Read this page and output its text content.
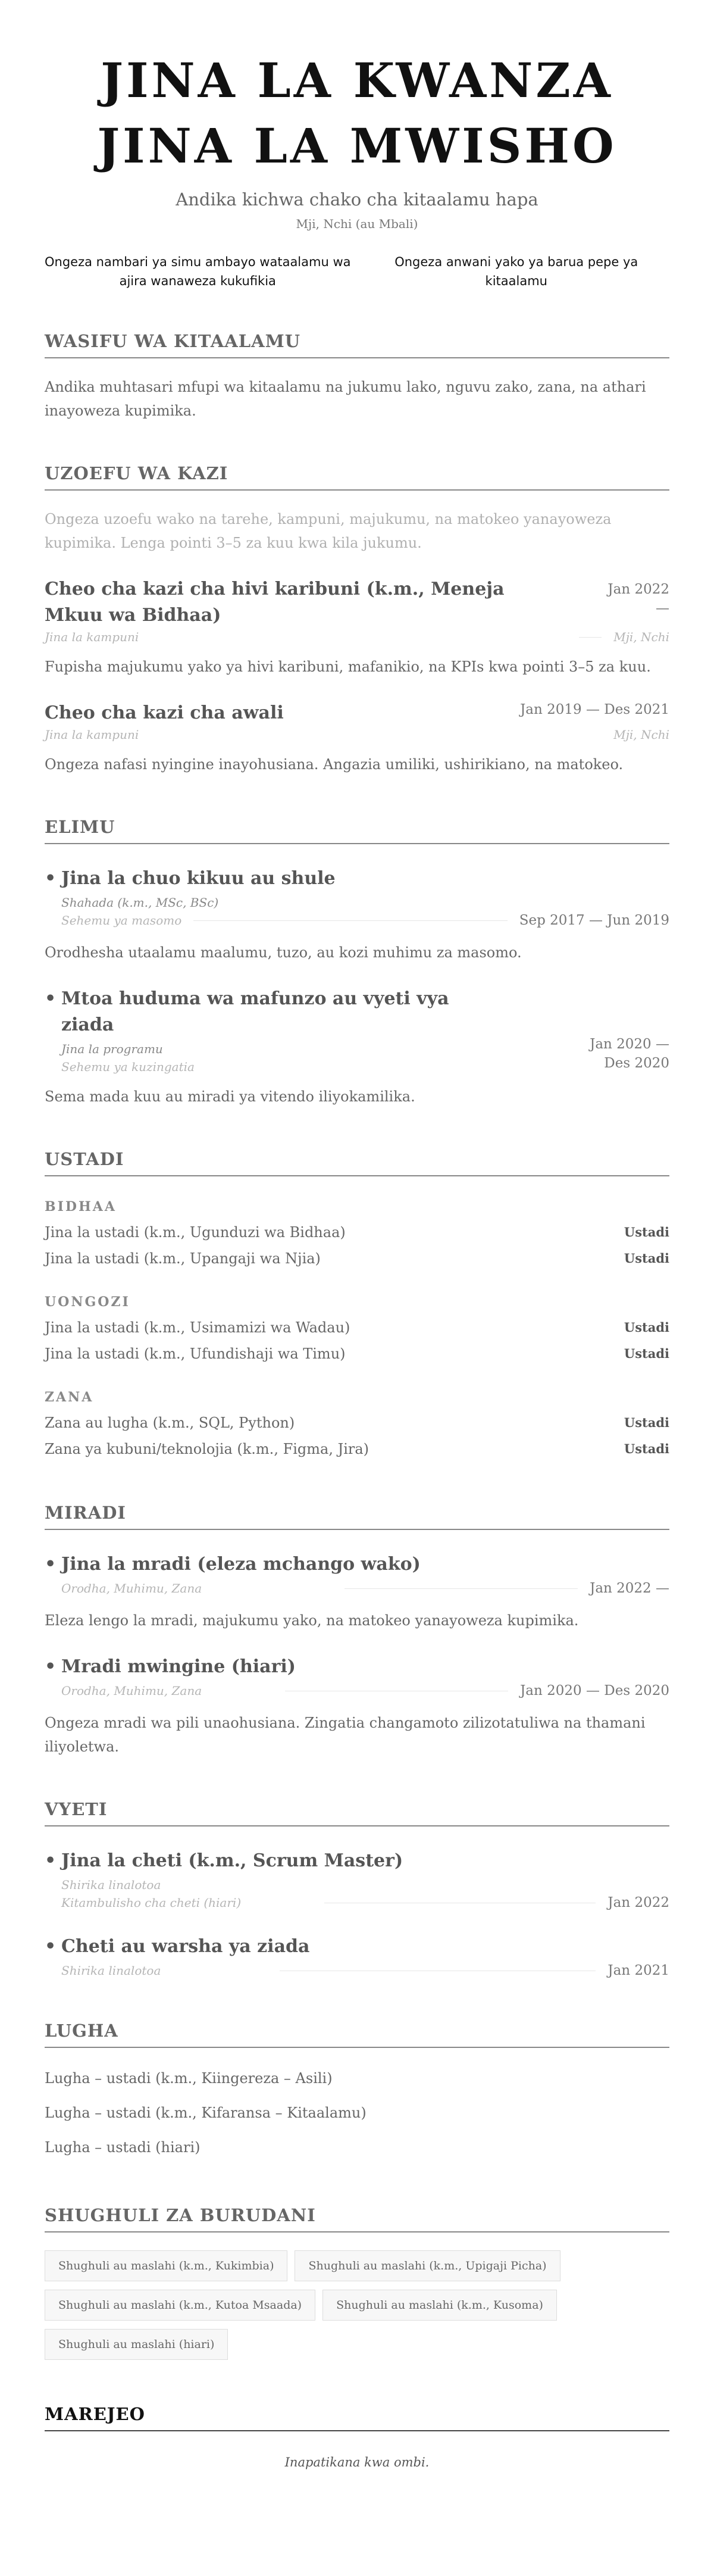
JINA LA KWANZA JINA LA MWISHO
Andika kichwa chako cha kitaalamu hapa
Mji, Nchi (au Mbali)
Ongeza nambari ya simu ambayo wataalamu wa ajira wanaweza kukufikia
Ongeza anwani yako ya barua pepe ya kitaalamu
WASIFU WA KITAALAMU
Andika muhtasari mfupi wa kitaalamu na jukumu lako, nguvu zako, zana, na athari inayoweza kupimika.
UZOEFU WA KAZI
Ongeza uzoefu wako na tarehe, kampuni, majukumu, na matokeo yanayoweza kupimika. Lenga pointi 3–5 za kuu kwa kila jukumu.
Cheo cha kazi cha hivi karibuni (k.m., Meneja Mkuu wa Bidhaa)
Jan 2022
—
Jina la kampuni	Mji, Nchi
Fupisha majukumu yako ya hivi karibuni, mafanikio, na KPIs kwa pointi 3–5 za kuu.
Cheo cha kazi cha awali	Jan 2019 — Des 2021
Jina la kampuni	Mji, Nchi
Ongeza nafasi nyingine inayohusiana. Angazia umiliki, ushirikiano, na matokeo.
ELIMU
• Jina la chuo kikuu au shule
Shahada (k.m., MSc, BSc)
Sehemu ya masomo	Sep 2017 — Jun 2019
Orodhesha utaalamu maalumu, tuzo, au kozi muhimu za masomo.
• Mtoa huduma wa mafunzo au vyeti vya ziada
Jina la programu
Sehemu ya kuzingatia
Jan 2020 — Des 2020
Sema mada kuu au miradi ya vitendo iliyokamilika.
USTADI
BIDHAA
Jina la ustadi (k.m., Ugunduzi wa Bidhaa)	Ustadi
Jina la ustadi (k.m., Upangaji wa Njia)	Ustadi
UONGOZI
Jina la ustadi (k.m., Usimamizi wa Wadau)	Ustadi
Jina la ustadi (k.m., Ufundishaji wa Timu)	Ustadi
ZANA
Zana au lugha (k.m., SQL, Python)	Ustadi
Zana ya kubuni/teknolojia (k.m., Figma, Jira)	Ustadi
MIRADI
• Jina la mradi (eleza mchango wako)
Orodha, Muhimu, Zana	Jan 2022 —
Eleza lengo la mradi, majukumu yako, na matokeo yanayoweza kupimika.
• Mradi mwingine (hiari)
Orodha, Muhimu, Zana	Jan 2020 — Des 2020
Ongeza mradi wa pili unaohusiana. Zingatia changamoto zilizotatuliwa na thamani iliyoletwa.
VYETI
• Jina la cheti (k.m., Scrum Master)
Shirika linalotoa
Kitambulisho cha cheti (hiari)	Jan 2022
• Cheti au warsha ya ziada
Shirika linalotoa	Jan 2021
LUGHA
Lugha – ustadi (k.m., Kiingereza – Asili)
Lugha – ustadi (k.m., Kifaransa – Kitaalamu)
Lugha – ustadi (hiari)
SHUGHULI ZA BURUDANI
Shughuli au maslahi (k.m., Kukimbia)	Shughuli au maslahi (k.m., Upigaji Picha)
Shughuli au maslahi (k.m., Kutoa Msaada)	Shughuli au maslahi (k.m., Kusoma)
Shughuli au maslahi (hiari)
MAREJEO
Inapatikana kwa ombi.
